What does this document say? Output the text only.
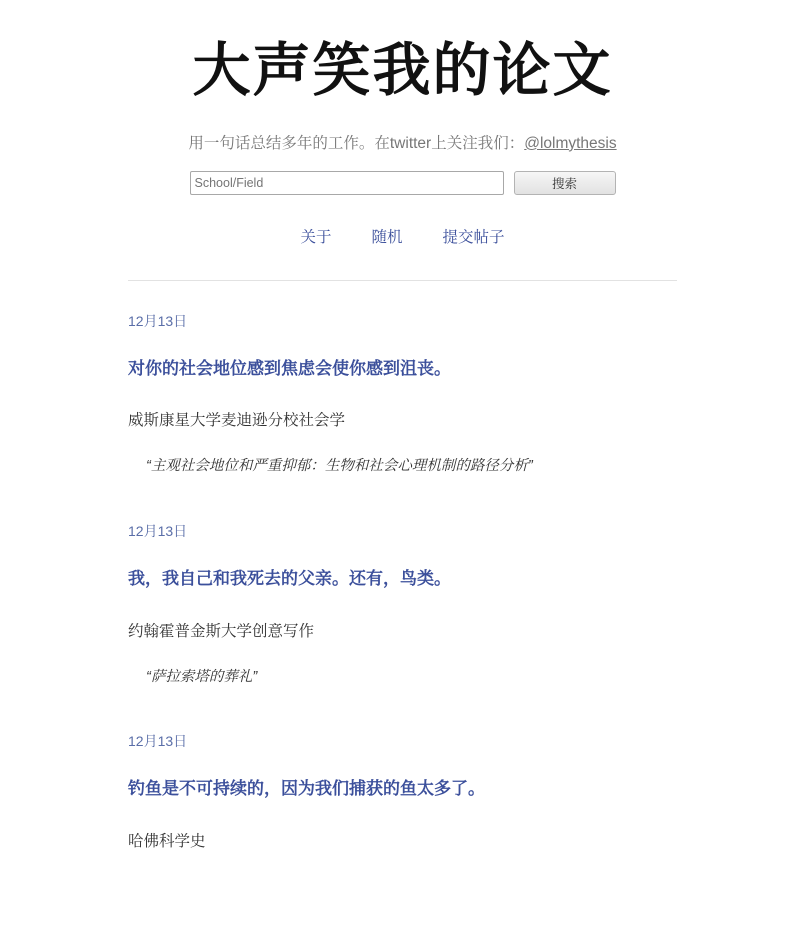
大声笑我的论文
用一句话总结多年的工作。在twitter上关注我们：@lolmythesis
School/Field
搜索
关于	随机	提交帖子
12月13日
对你的社会地位感到焦虑会使你感到沮丧。
威斯康星大学麦迪逊分校社会学
“主观社会地位和严重抑郁：生物和社会心理机制的路径分析”
12月13日
我，我自己和我死去的父亲。还有，鸟类。
约翰霍普金斯大学创意写作
“萨拉索塔的葬礼”
12月13日
钓鱼是不可持续的，因为我们捕获的鱼太多了。
哈佛科学史
